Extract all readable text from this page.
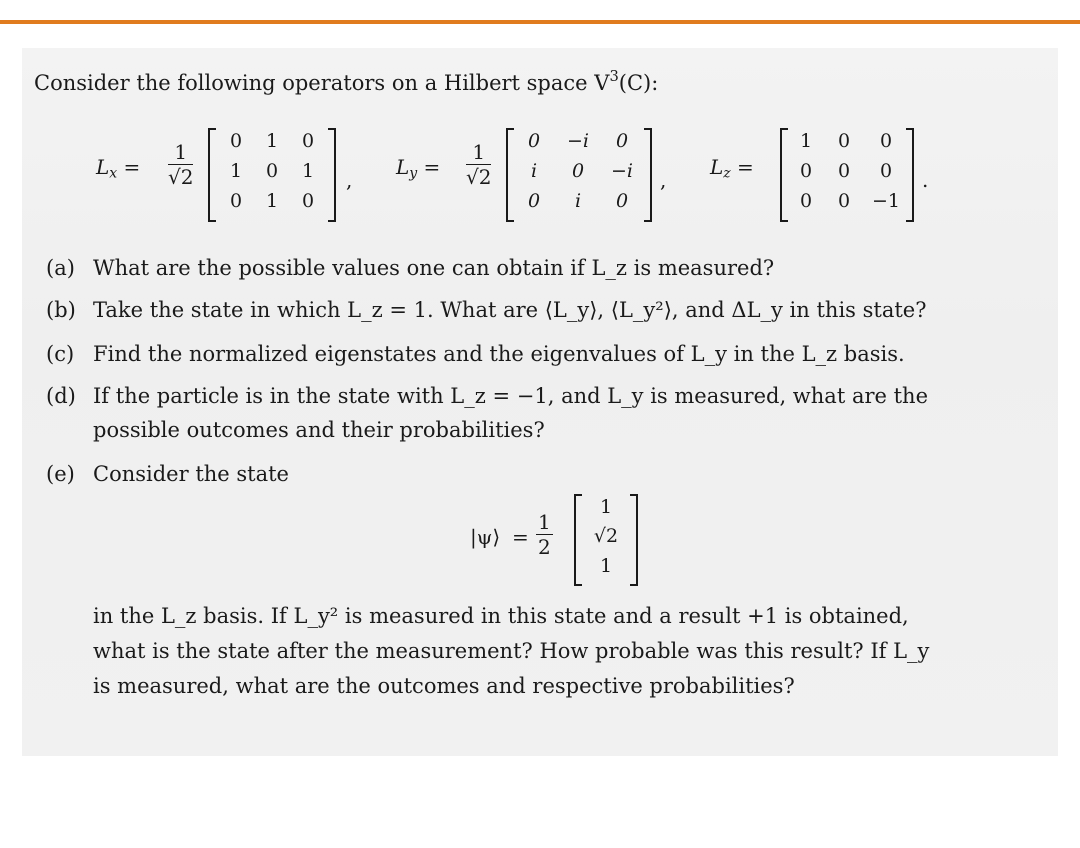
Consider the following operators on a Hilbert space $V^3(C)$:
$L_x = \frac{1}{√2}$	0	1	0
1	0	1
0	1	0
,
$L_y = \frac{1}{√2}$	0	−i	0
i	0	−i
0	i	0
,
$L_z$ =
1	0	0
0	0	0
0	0	−1
.
(a) What are the possible values one can obtain if L_z is measured?
(b) Take the state in which L_z = 1. What are ⟨L_y⟩, ⟨L_y²⟩, and ΔL_y in this state?
(c) Find the normalized eigenstates and the eigenvalues of L_y in the L_z basis.
(d) If the particle is in the state with L_z = −1, and L_y is measured, what are the
possible outcomes and their probabilities?
(e) Consider the state
|ψ⟩ = $\frac{1}{2}$
1
√2
1
in the L_z basis. If L_y² is measured in this state and a result +1 is obtained,
what is the state after the measurement? How probable was this result? If L_y
is measured, what are the outcomes and respective probabilities?
